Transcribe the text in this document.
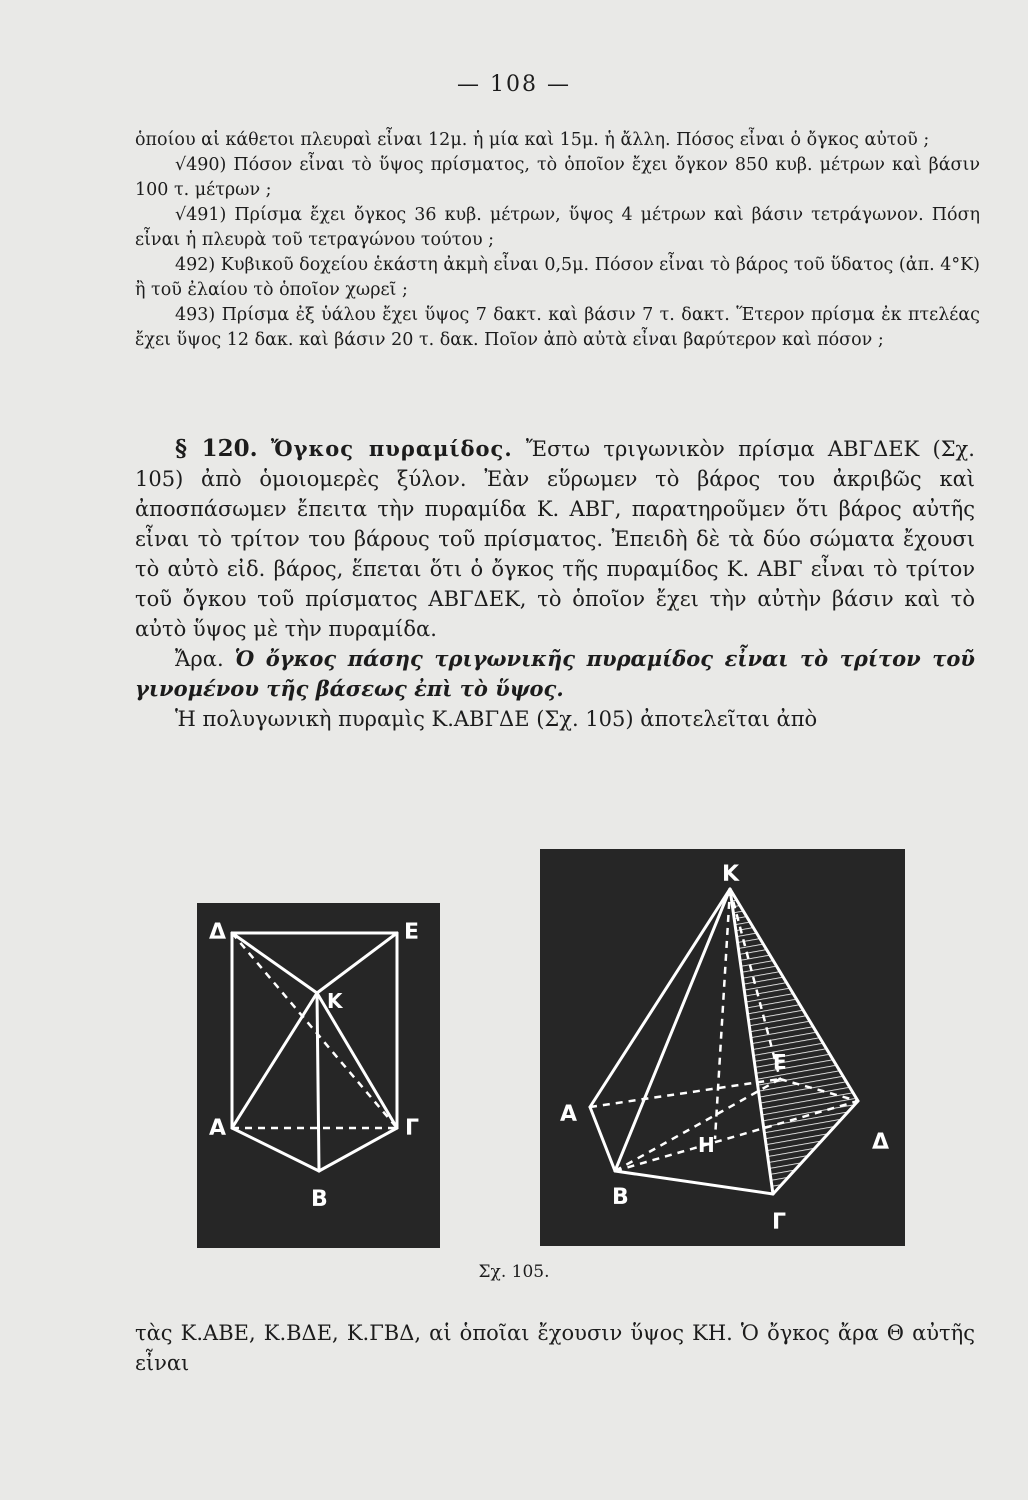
— 108 —

ὁποίου αἱ κάθετοι πλευραὶ εἶναι 12μ. ἡ μία καὶ 15μ. ἡ ἄλλη. Πόσος εἶναι ὁ ὄγκος αὐτοῦ ;

√490) Πόσον εἶναι τὸ ὕψος πρίσματος, τὸ ὁποῖον ἔχει ὄγκον 850 κυβ. μέτρων καὶ βάσιν 100 τ. μέτρων ;

√491) Πρίσμα ἔχει ὄγκος 36 κυβ. μέτρων, ὕψος 4 μέτρων καὶ βάσιν τετράγωνον. Πόση εἶναι ἡ πλευρὰ τοῦ τετραγώνου τούτου ;

492) Κυβικοῦ δοχείου ἑκάστη ἀκμὴ εἶναι 0,5μ. Πόσον εἶναι τὸ βάρος τοῦ ὕδατος (ἀπ. 4°Κ) ἢ τοῦ ἐλαίου τὸ ὁποῖον χωρεῖ ;

493) Πρίσμα ἐξ ὑάλου ἔχει ὕψος 7 δακτ. καὶ βάσιν 7 τ. δακτ. Ἕτερον πρίσμα ἐκ πτελέας ἔχει ὕψος 12 δακ. καὶ βάσιν 20 τ. δακ. Ποῖον ἀπὸ αὐτὰ εἶναι βαρύτερον καὶ πόσον ;

§ 120. Ὄγκος πυραμίδος. Ἔστω τριγωνικὸν πρίσμα ΑΒΓΔΕΚ (Σχ. 105) ἀπὸ ὁμοιομερὲς ξύλον. Ἐὰν εὕρωμεν τὸ βάρος του ἀκριβῶς καὶ ἀποσπάσωμεν ἔπειτα τὴν πυραμίδα Κ. ΑΒΓ, παρατηροῦμεν ὅτι βάρος αὐτῆς εἶναι τὸ τρίτον του βάρους τοῦ πρίσματος. Ἐπειδὴ δὲ τὰ δύο σώματα ἔχουσι τὸ αὐτὸ εἰδ. βάρος, ἕπεται ὅτι ὁ ὄγκος τῆς πυραμίδος Κ. ΑΒΓ εἶναι τὸ τρίτον τοῦ ὄγκου τοῦ πρίσματος ΑΒΓΔΕΚ, τὸ ὁποῖον ἔχει τὴν αὐτὴν βάσιν καὶ τὸ αὐτὸ ὕψος μὲ τὴν πυραμίδα.

Ἄρα. Ὁ ὄγκος πάσης τριγωνικῆς πυραμίδος εἶναι τὸ τρίτον τοῦ γινομένου τῆς βάσεως ἐπὶ τὸ ὕψος.

Ἡ πολυγωνικὴ πυραμὶς Κ.ΑΒΓΔΕ (Σχ. 105) ἀποτελεῖται ἀπὸ

Δ	Ε
Κ
Α	Γ
Β
Κ
Α
Ε
Η	Δ
Β
Γ
Σχ. 105.

τὰς Κ.ΑΒΕ, Κ.ΒΔΕ, Κ.ΓΒΔ, αἱ ὁποῖαι ἔχουσιν ὕψος ΚΗ. Ὁ ὄγκος ἄρα Θ αὐτῆς εἶναι
